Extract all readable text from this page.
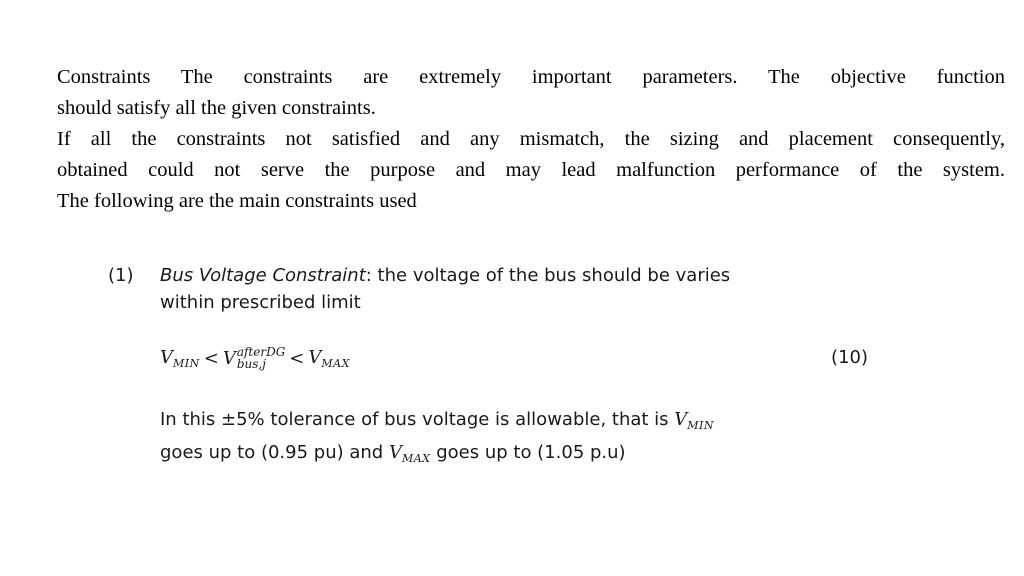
Constraints The constraints are extremely important parameters. The objective function

should satisfy all the given constraints.

If all the constraints not satisfied and any mismatch, the sizing and placement consequently,

obtained could not serve the purpose and may lead malfunction performance of the system.

The following are the main constraints used

(1)	Bus Voltage Constraint: the voltage of the bus should be varies
within prescribed limit
$V_{MIN} < V$ afterDG
bus,j	< $V_{MAX}$	(10)
In this ±5% tolerance of bus voltage is allowable, that is $V_{MIN}$
goes up to (0.95 pu) and $V_{MAX}$ goes up to (1.05 p.u)
